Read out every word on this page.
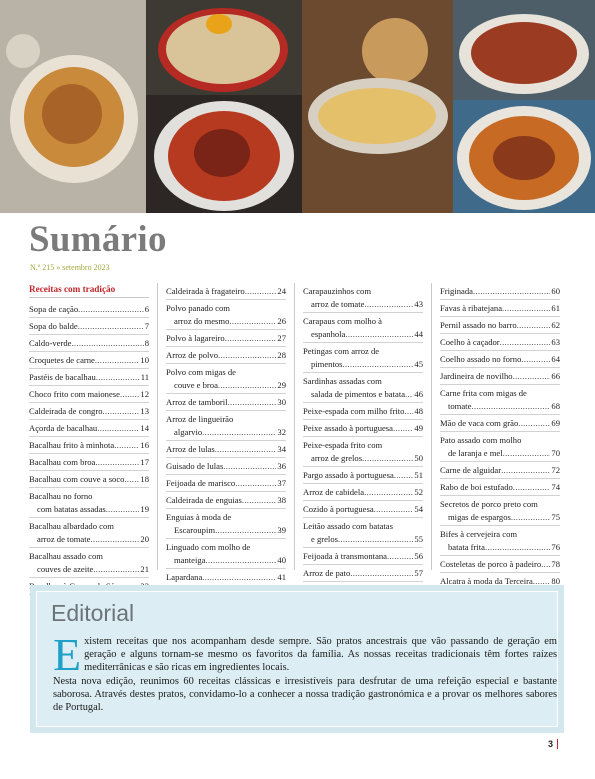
Sumário
N.º 215 » setembro 2023
Receitas com tradição
Sopa de cação .....	6
Sopa do balde .....	7
Caldo-verde .....	8
Croquetes de carne .....	10
Pastéis de bacalhau .....	11
Choco frito com maionese ..... 12
Caldeirada de congro .....	13
Açorda de bacalhau .....	14
Bacalhau frito à minhota .....	16
Bacalhau com broa .....	17
Bacalhau com couve a soco ..... 18
Bacalhau no forno
com batatas assadas .....	19
Bacalhau albardado com
arroz de tomate .....	20
Bacalhau assado com
couves de azeite .....	21
.....
Caldeirada à fragateiro .....	24
Polvo panado com
arroz do mesmo .....	26
Polvo à lagareiro .....	27
Arroz de polvo .....	28
Polvo com migas de
couve e broa .....	29
Arroz de tamboril .....	30
Arroz de lingueirão
algarvio .....	32
Arroz de lulas .....	34
Guisado de lulas .....	36
Feijoada de marisco .....	37
Caldeirada de enguias .....	38
Enguias à moda de
Escaroupim .....	39
Linguado com molho de
manteiga .....	40
Lapardana .....	41
.....
Carapauzinhos com
arroz de tomate .....	43
Carapaus com molho à
espanhola .....	44
Petingas com arroz de
pimentos .....	45
Sardinhas assadas com
salada de pimentos e batata ..... 46
Peixe-espada com milho frito ..... 48
Peixe assado à portuguesa ..... 49
Peixe-espada frito com
arroz de grelos .....	50
Pargo assado à portuguesa ..... 51
Arroz de cabidela .....	52
Cozido à portuguesa .....	54
Leitão assado com batatas
e grelos .....	55
Feijoada à transmontana .....	56
Arroz de pato .....	57
.....
Friginada .....	60
Favas à ribatejana .....	61
Pernil assado no barro .....	62
Coelho à caçador .....	63
Coelho assado no forno .....	64
Jardineira de novilho .....	66
Carne frita com migas de
tomate .....	68
Mão de vaca com grão .....	69
Pato assado com molho
de laranja e mel .....	70
Carne de alguidar .....	72
Rabo de boi estufado .....	74
Secretos de porco preto com
migas de espargos .....	75
Bifes à cervejeira com
batata frita .....	76
Costeletas de porco à padeiro ..... 78
Alcatra à moda da Terceira ..... 80
.....
Editorial

Existem receitas que nos acompanham desde sempre. São pratos ancestrais que vão passando de geração em geração e alguns tornam-se mesmo os favoritos da família. As nossas receitas tradicionais têm fortes raízes mediterrânicas e são ricas em ingredientes locais.

Nesta nova edição, reunimos 60 receitas clássicas e irresistíveis para desfrutar de uma refeição especial e bastante saborosa. Através destes pratos, convidamo-lo a conhecer a nossa tradição gastronómica e a provar os melhores sabores de Portugal.

3
